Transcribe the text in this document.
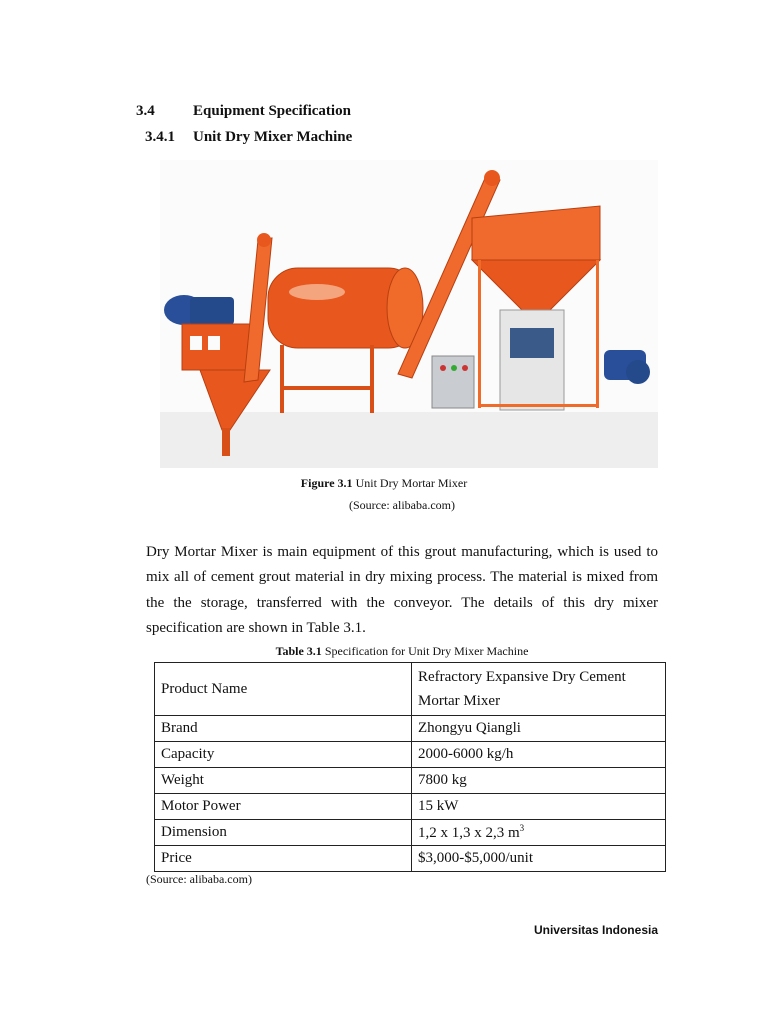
3.4	Equipment Specification
3.4.1 Unit Dry Mixer Machine
Figure 3.1 Unit Dry Mortar Mixer
(Source: alibaba.com)
Dry Mortar Mixer is main equipment of this grout manufacturing, which is used to mix all of cement grout material in dry mixing process. The material is mixed from the the storage, transferred with the conveyor. The details of this dry mixer specification are shown in Table 3.1.
Table 3.1 Specification for Unit Dry Mixer Machine
Product Name	Refractory Expansive Dry Cement Mortar Mixer
Brand	Zhongyu Qiangli
Capacity	2000-6000 kg/h
Weight	7800 kg
Motor Power	15 kW
Dimension	1,2 x 1,3 x 2,3 $m^3$
Price	$3,000-$5,000/unit
(Source: alibaba.com)
Universitas Indonesia
